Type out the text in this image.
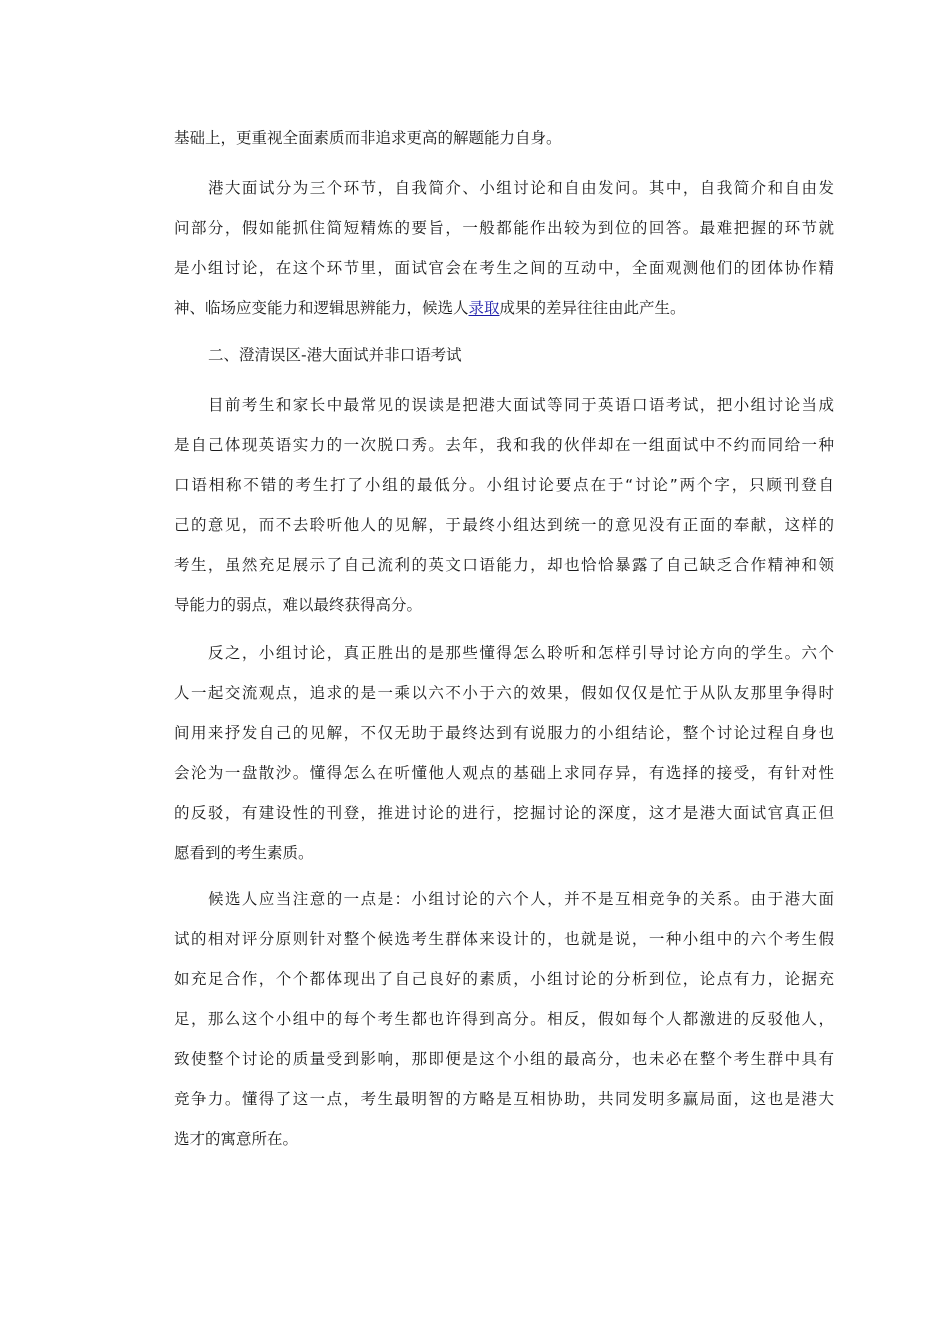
基础上，更重视全面素质而非追求更高的解题能力自身。
港大面试分为三个环节，自我简介、小组讨论和自由发问。其中，自我简介和自由发
问部分，假如能抓住简短精炼的要旨，一般都能作出较为到位的回答。最难把握的环节就
是小组讨论，在这个环节里，面试官会在考生之间的互动中，全面观测他们的团体协作精
神、临场应变能力和逻辑思辨能力，候选人录取成果的差异往往由此产生。
二、澄清误区-港大面试并非口语考试
目前考生和家长中最常见的误读是把港大面试等同于英语口语考试，把小组讨论当成
是自己体现英语实力的一次脱口秀。去年，我和我的伙伴却在一组面试中不约而同给一种
口语相称不错的考生打了小组的最低分。小组讨论要点在于“讨论”两个字，只顾刊登自
己的意见，而不去聆听他人的见解，于最终小组达到统一的意见没有正面的奉献，这样的
考生，虽然充足展示了自己流利的英文口语能力，却也恰恰暴露了自己缺乏合作精神和领
导能力的弱点，难以最终获得高分。
反之，小组讨论，真正胜出的是那些懂得怎么聆听和怎样引导讨论方向的学生。六个
人一起交流观点，追求的是一乘以六不小于六的效果，假如仅仅是忙于从队友那里争得时
间用来抒发自己的见解，不仅无助于最终达到有说服力的小组结论，整个讨论过程自身也
会沦为一盘散沙。懂得怎么在听懂他人观点的基础上求同存异，有选择的接受，有针对性
的反驳，有建设性的刊登，推进讨论的进行，挖掘讨论的深度，这才是港大面试官真正但
愿看到的考生素质。
候选人应当注意的一点是：小组讨论的六个人，并不是互相竞争的关系。由于港大面
试的相对评分原则针对整个候选考生群体来设计的，也就是说，一种小组中的六个考生假
如充足合作，个个都体现出了自己良好的素质，小组讨论的分析到位，论点有力，论据充
足，那么这个小组中的每个考生都也许得到高分。相反，假如每个人都激进的反驳他人，
致使整个讨论的质量受到影响，那即便是这个小组的最高分，也未必在整个考生群中具有
竞争力。懂得了这一点，考生最明智的方略是互相协助，共同发明多赢局面，这也是港大
选才的寓意所在。
